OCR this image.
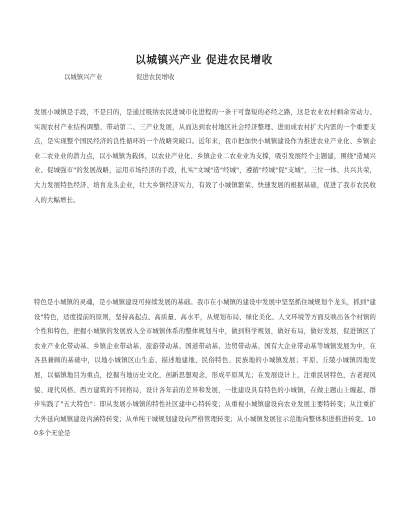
以城镇兴产业 促进农民增收
以城镇兴产业	促进农民增收
发展小城镇是手段，不是目的，是通过吸纳农民进城市化进程的一条干可靠短的必经之路，这是农业农村剩余劳动力、实现农村产业结构调整、带动第二、三产业发展，从而达到农村地区社会经济整理、进而成农村扩大内需的一个重要支点，是实现整个国民经济的良性循环的一个战略突破口。近年来，我市把加快小城镇建设作为推进农业产业化、乡镇企业二农业业的潜力点，以小城镇为载体，以农业产业化、乡镇企业二农业业为支撑，吸引发展经个主题建，围绕"造城兴业、促城强市"的发展战略，运用市场经济的手段，扎实"文城"造"经城"，遵循"经城"促"支城"，三位一体、共兴共荣，大力发展特色经济、培育龙头企业，壮大乡镇经济实力，有效了小城镇繁荣、快速发展的根据基础，促进了我市农民收入的大幅增长。
特色是小城镇的灵魂，是小城镇建设可持续发展的基础。我市在小城镇的建设中发展中坚坚抓住城规划个龙头，抓到"建设"特色，适度提前的原则，坚持高起点、高质量、高水平，从规划布局、绿化美化、人文环境等方面反映出各个村镇的个性和特色，把握小城镇的发展放入全市城镇体系的整体规划当中，做到科学规划，做好布局，做好发展，促进镇区了农业产业化带动基、乡镇企业带动基、旅游带动基、国道带动基、边贸带动基、国有大企业带动基等城镇发展为中，在各县兼顾的基础中，以地小城镇区山生态、描述地建地、民俗特色、民族地的小城镇发展；平原、丘陵小城镇因地发展，以福镇地目为重点，挖掘当地历史文化，创新思想观念，形成平原风光；在发展设计上，注重民居特色，古老现风貌、现代风格、西方建筑的不同格局，设计各年前的差异和发展，一批建设具有特色的小城镇，在做主题山上缠起、群步实践了"五大特色"：即从发展小城镇的特性社区建中心特转变；从重视小城镇建设向农业发展主要特转变；从注重扩大外延向城镇建设内涵特转变；从单纯干城规划建设向严格管理转变；从小城镇发展往示范地向整体积进推进转变。100多个无论是
